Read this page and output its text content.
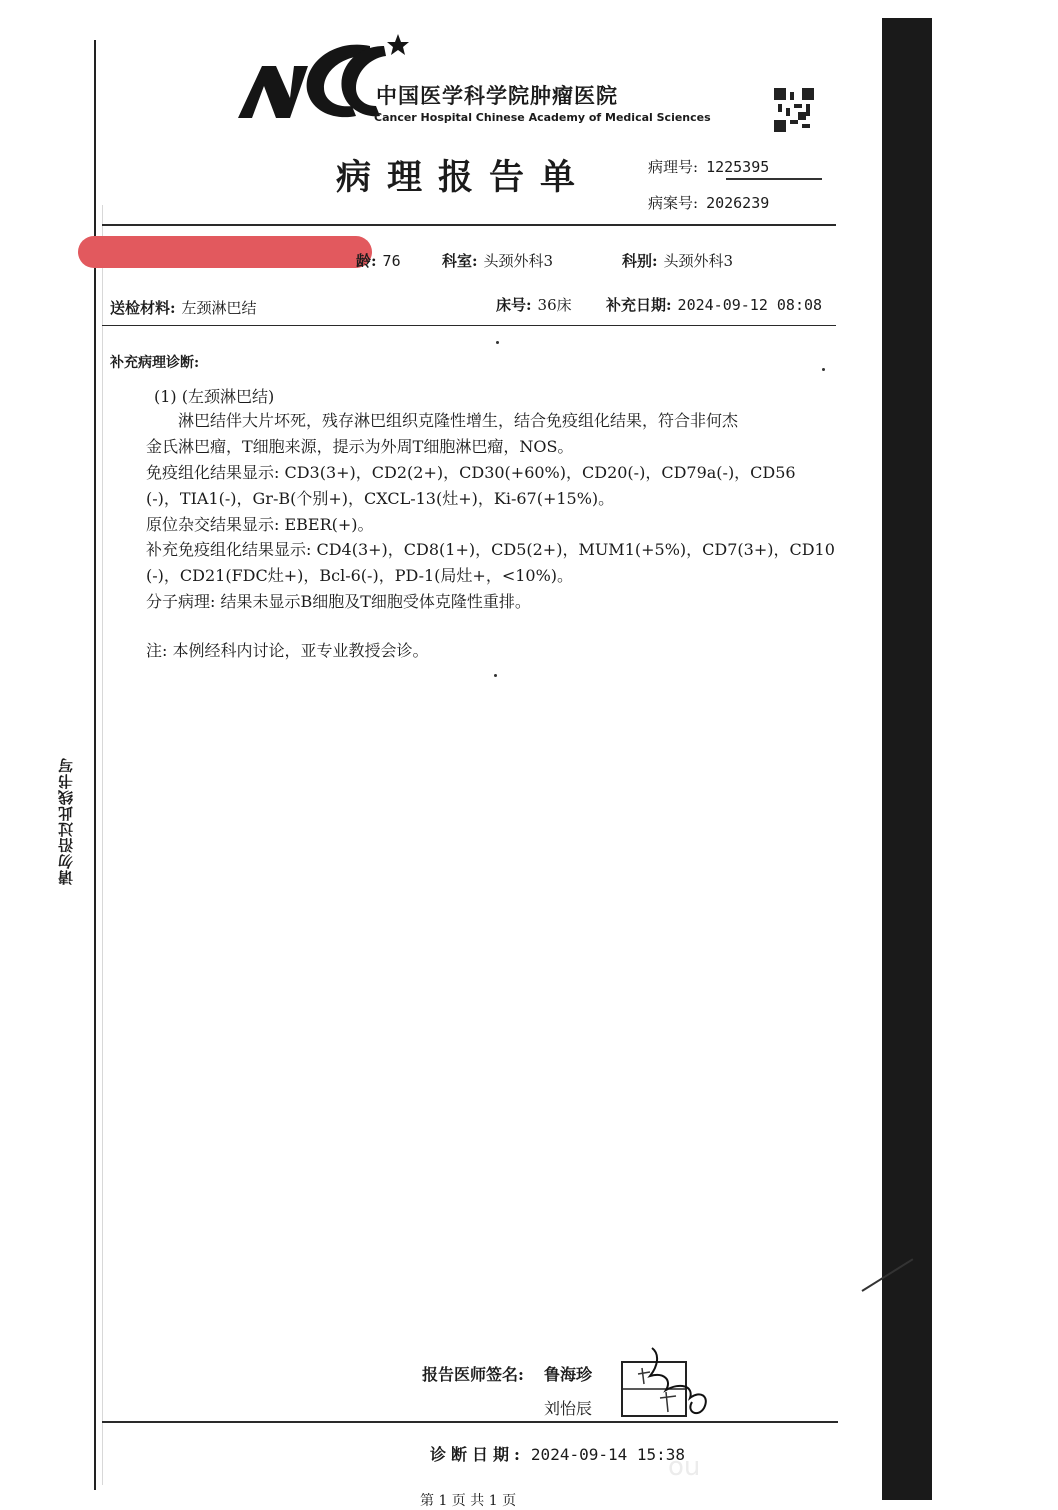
中国医学科学院肿瘤医院
Cancer Hospital Chinese Academy of Medical Sciences
病理报告单	病理号: 1225395
病案号: 2026239
龄: 76	科室: 头颈外科3	科别: 头颈外科3
送检材料: 左颈淋巴结	床号: 36床 补充日期: 2024-09-12 08:08
补充病理诊断:
(1) (左颈淋巴结)
　　淋巴结伴大片坏死，残存淋巴组织克隆性增生，结合免疫组化结果，符合非何杰
金氏淋巴瘤，T细胞来源，提示为外周T细胞淋巴瘤，NOS。
免疫组化结果显示: CD3(3+)，CD2(2+)，CD30(+60%)，CD20(-)，CD79a(-)，CD56
(-)，TIA1(-)，Gr-B(个别+)，CXCL-13(灶+)，Ki-67(+15%)。
原位杂交结果显示: EBER(+)。
补充免疫组化结果显示: CD4(3+)，CD8(1+)，CD5(2+)，MUM1(+5%)，CD7(3+)，CD10
(-)，CD21(FDC灶+)，Bcl-6(-)，PD-1(局灶+，<10%)。
分子病理: 结果未显示B细胞及T细胞受体克隆性重排。
注: 本例经科内讨论，亚专业教授会诊。
请勿沿过此线书写
报告医师签名: 鲁海珍
刘怡辰
诊断日期: 2024-09-14 15:38
ou
第 1 页 共 1 页
